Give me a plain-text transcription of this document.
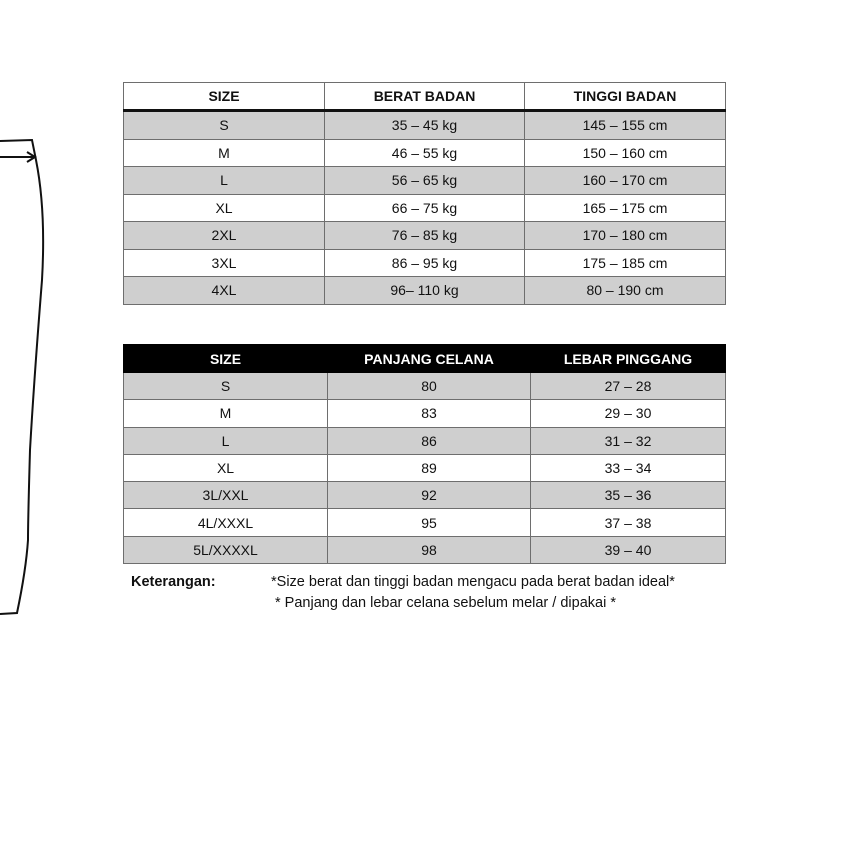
SIZE	BERAT BADAN	TINGGI BADAN
S	35 – 45 kg	145 – 155 cm
M	46 – 55 kg	150 – 160 cm
L	56 – 65 kg	160 – 170 cm
XL	66 – 75 kg	165 – 175 cm
2XL	76 – 85 kg	170 – 180 cm
3XL	86 – 95 kg	175 – 185 cm
4XL	96– 110 kg	80 – 190 cm
SIZE	PANJANG CELANA	LEBAR PINGGANG
S	80	27 – 28
M	83	29 – 30
L	86	31 – 32
XL	89	33 – 34
3L/XXL	92	35 – 36
4L/XXXL	95	37 – 38
5L/XXXXL	98	39 – 40
Keterangan:	*Size berat dan tinggi badan mengacu pada berat badan ideal*
* Panjang dan lebar celana sebelum melar / dipakai *
